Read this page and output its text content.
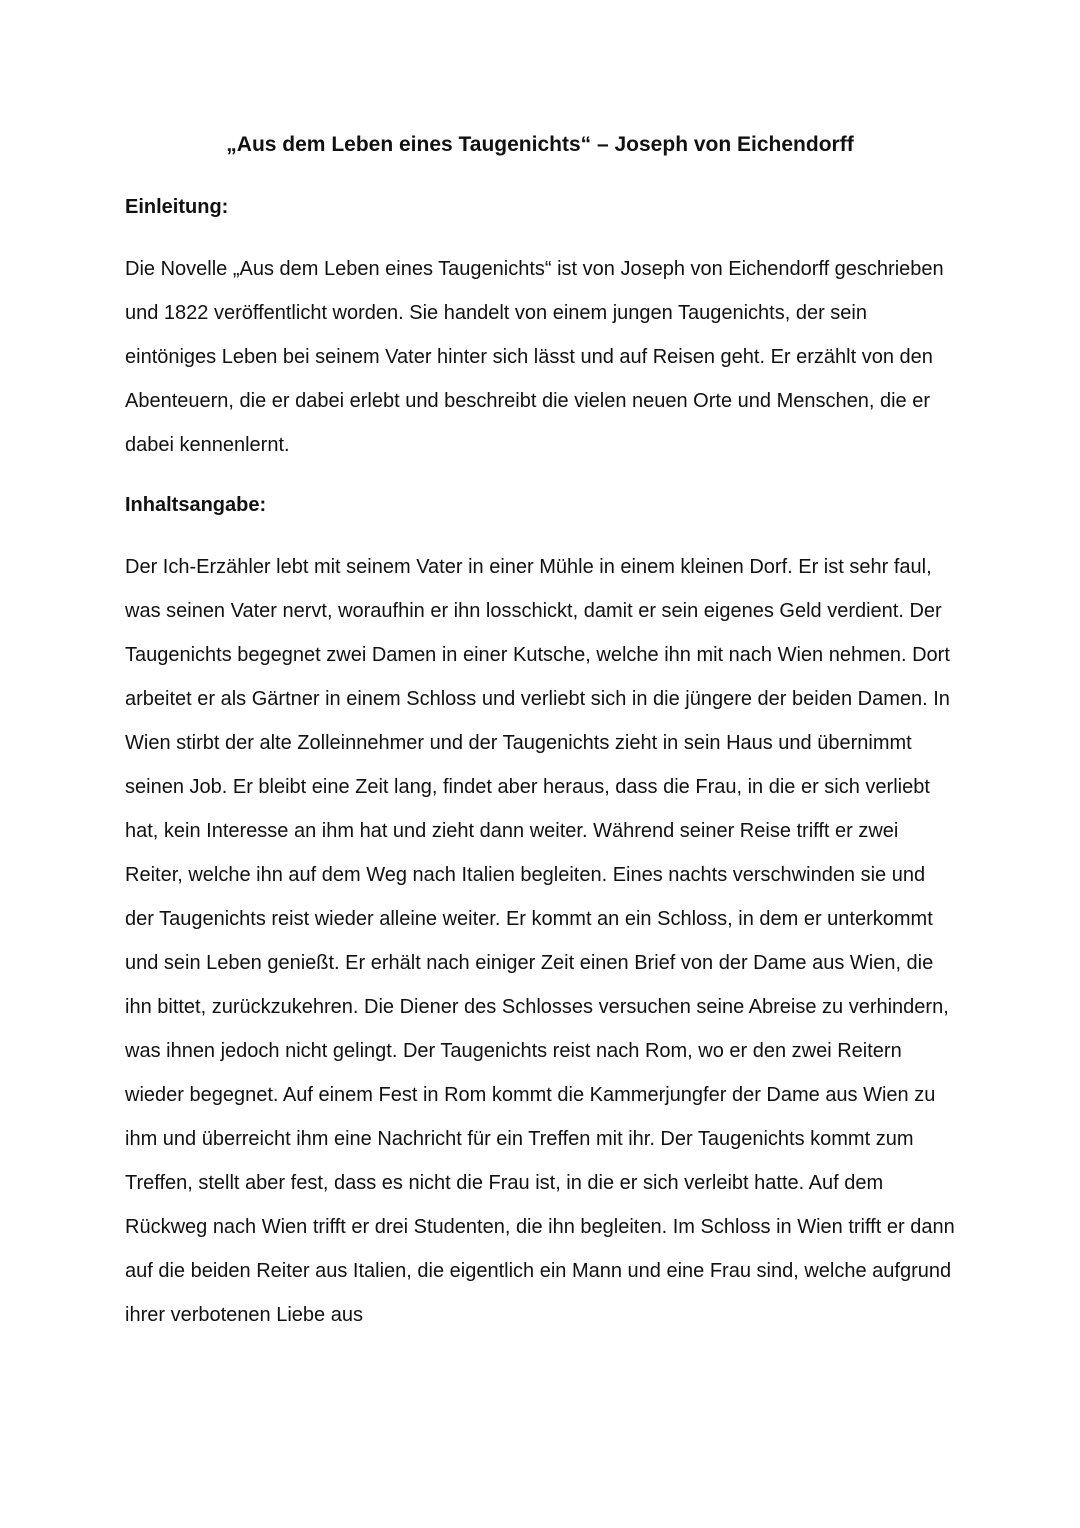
„Aus dem Leben eines Taugenichts“ – Joseph von Eichendorff
Einleitung:

Die Novelle „Aus dem Leben eines Taugenichts“ ist von Joseph von Eichendorff geschrieben und 1822 veröffentlicht worden. Sie handelt von einem jungen Taugenichts, der sein eintöniges Leben bei seinem Vater hinter sich lässt und auf Reisen geht. Er erzählt von den Abenteuern, die er dabei erlebt und beschreibt die vielen neuen Orte und Menschen, die er dabei kennenlernt.

Inhaltsangabe:

Der Ich-Erzähler lebt mit seinem Vater in einer Mühle in einem kleinen Dorf. Er ist sehr faul, was seinen Vater nervt, woraufhin er ihn losschickt, damit er sein eigenes Geld verdient. Der Taugenichts begegnet zwei Damen in einer Kutsche, welche ihn mit nach Wien nehmen. Dort arbeitet er als Gärtner in einem Schloss und verliebt sich in die jüngere der beiden Damen. In Wien stirbt der alte Zolleinnehmer und der Taugenichts zieht in sein Haus und übernimmt seinen Job. Er bleibt eine Zeit lang, findet aber heraus, dass die Frau, in die er sich verliebt hat, kein Interesse an ihm hat und zieht dann weiter. Während seiner Reise trifft er zwei Reiter, welche ihn auf dem Weg nach Italien begleiten. Eines nachts verschwinden sie und der Taugenichts reist wieder alleine weiter. Er kommt an ein Schloss, in dem er unterkommt und sein Leben genießt. Er erhält nach einiger Zeit einen Brief von der Dame aus Wien, die ihn bittet, zurückzukehren. Die Diener des Schlosses versuchen seine Abreise zu verhindern, was ihnen jedoch nicht gelingt. Der Taugenichts reist nach Rom, wo er den zwei Reitern wieder begegnet. Auf einem Fest in Rom kommt die Kammerjungfer der Dame aus Wien zu ihm und überreicht ihm eine Nachricht für ein Treffen mit ihr. Der Taugenichts kommt zum Treffen, stellt aber fest, dass es nicht die Frau ist, in die er sich verleibt hatte. Auf dem Rückweg nach Wien trifft er drei Studenten, die ihn begleiten. Im Schloss in Wien trifft er dann auf die beiden Reiter aus Italien, die eigentlich ein Mann und eine Frau sind, welche aufgrund ihrer verbotenen Liebe aus
